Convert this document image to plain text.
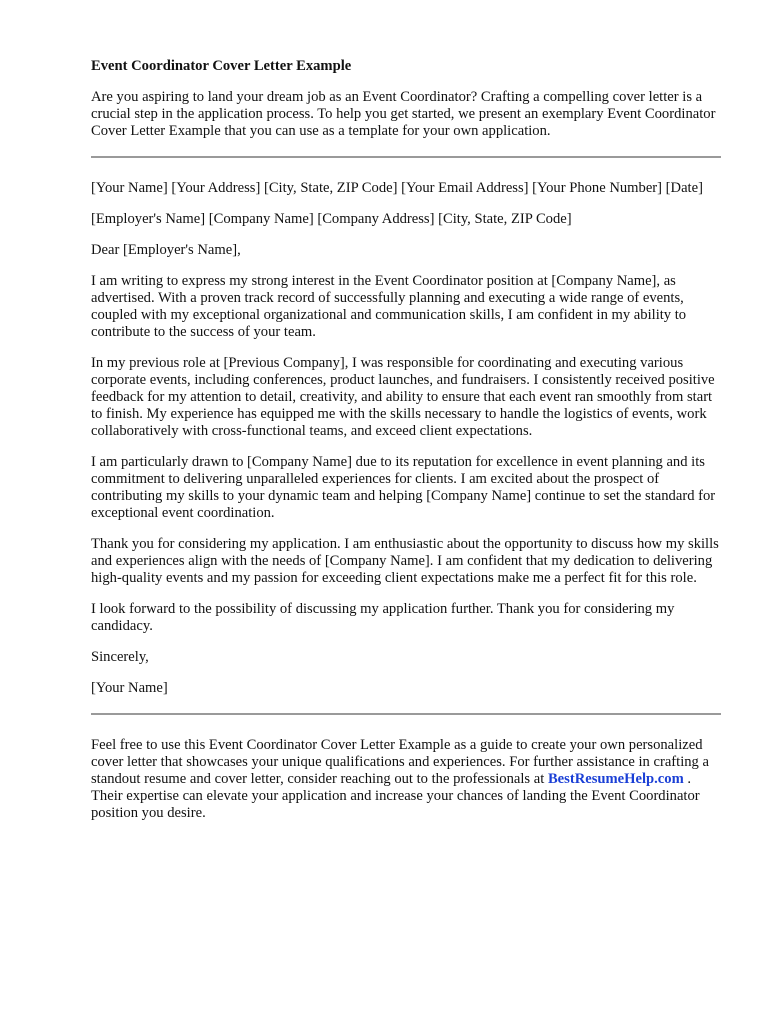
Event Coordinator Cover Letter Example

Are you aspiring to land your dream job as an Event Coordinator? Crafting a compelling cover letter is a crucial step in the application process. To help you get started, we present an exemplary Event Coordinator Cover Letter Example that you can use as a template for your own application.

[Your Name] [Your Address] [City, State, ZIP Code] [Your Email Address] [Your Phone Number] [Date]

[Employer's Name] [Company Name] [Company Address] [City, State, ZIP Code]

Dear [Employer's Name],

I am writing to express my strong interest in the Event Coordinator position at [Company Name], as advertised. With a proven track record of successfully planning and executing a wide range of events, coupled with my exceptional organizational and communication skills, I am confident in my ability to contribute to the success of your team.

In my previous role at [Previous Company], I was responsible for coordinating and executing various corporate events, including conferences, product launches, and fundraisers. I consistently received positive feedback for my attention to detail, creativity, and ability to ensure that each event ran smoothly from start to finish. My experience has equipped me with the skills necessary to handle the logistics of events, work collaboratively with cross-functional teams, and exceed client expectations.

I am particularly drawn to [Company Name] due to its reputation for excellence in event planning and its commitment to delivering unparalleled experiences for clients. I am excited about the prospect of contributing my skills to your dynamic team and helping [Company Name] continue to set the standard for exceptional event coordination.

Thank you for considering my application. I am enthusiastic about the opportunity to discuss how my skills and experiences align with the needs of [Company Name]. I am confident that my dedication to delivering high-quality events and my passion for exceeding client expectations make me a perfect fit for this role.

I look forward to the possibility of discussing my application further. Thank you for considering my candidacy.

Sincerely,

[Your Name]

Feel free to use this Event Coordinator Cover Letter Example as a guide to create your own personalized cover letter that showcases your unique qualifications and experiences. For further assistance in crafting a standout resume and cover letter, consider reaching out to the professionals at BestResumeHelp.com . Their expertise can elevate your application and increase your chances of landing the Event Coordinator position you desire.
